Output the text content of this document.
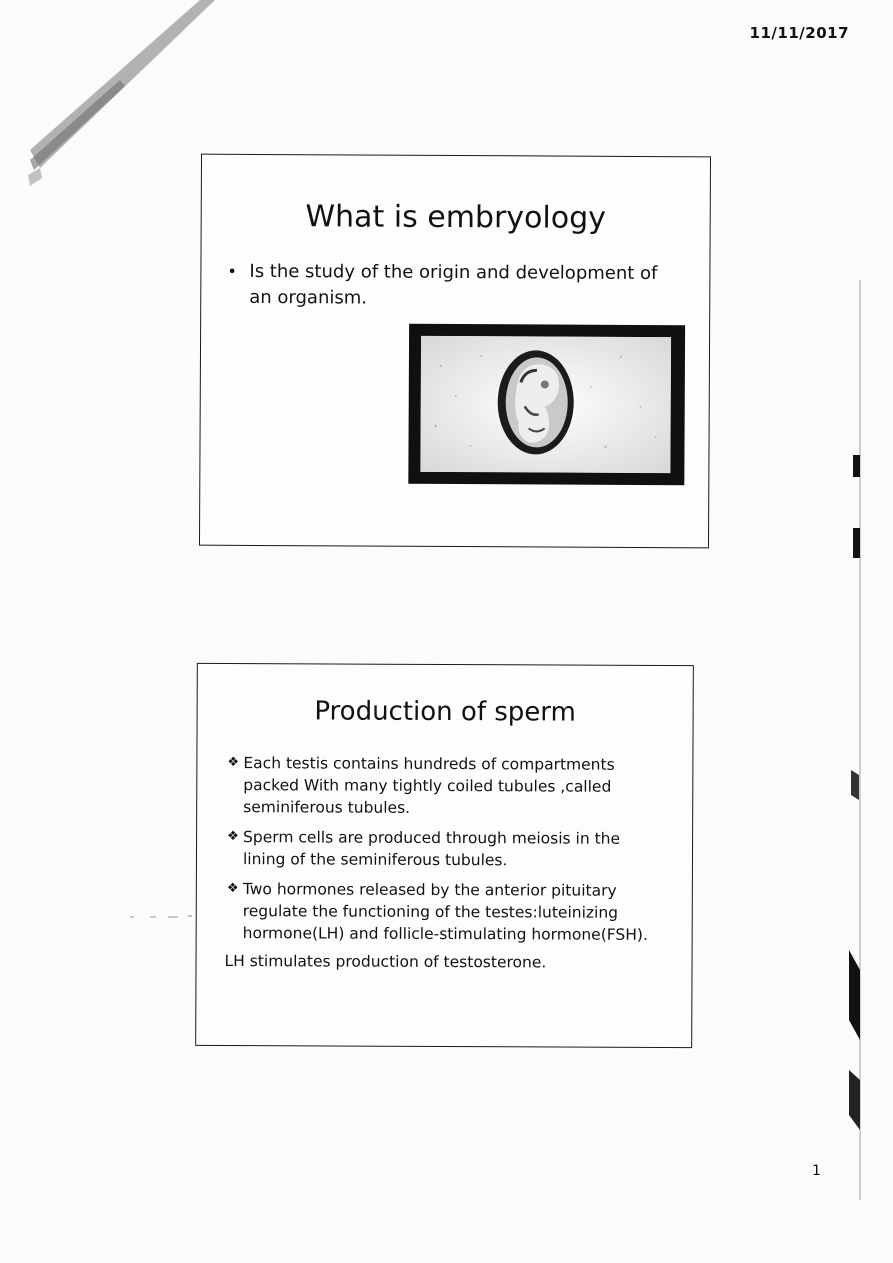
11/11/2017
What is embryology
• Is the study of the origin and development of an organism.
Production of sperm
❖ Each testis contains hundreds of compartments packed With many tightly coiled tubules ,called seminiferous tubules.
❖ Sperm cells are produced through meiosis in the lining of the seminiferous tubules.
❖ Two hormones released by the anterior pituitary regulate the functioning of the testes:luteinizing hormone(LH) and follicle-stimulating hormone(FSH).

LH stimulates production of testosterone.

1
